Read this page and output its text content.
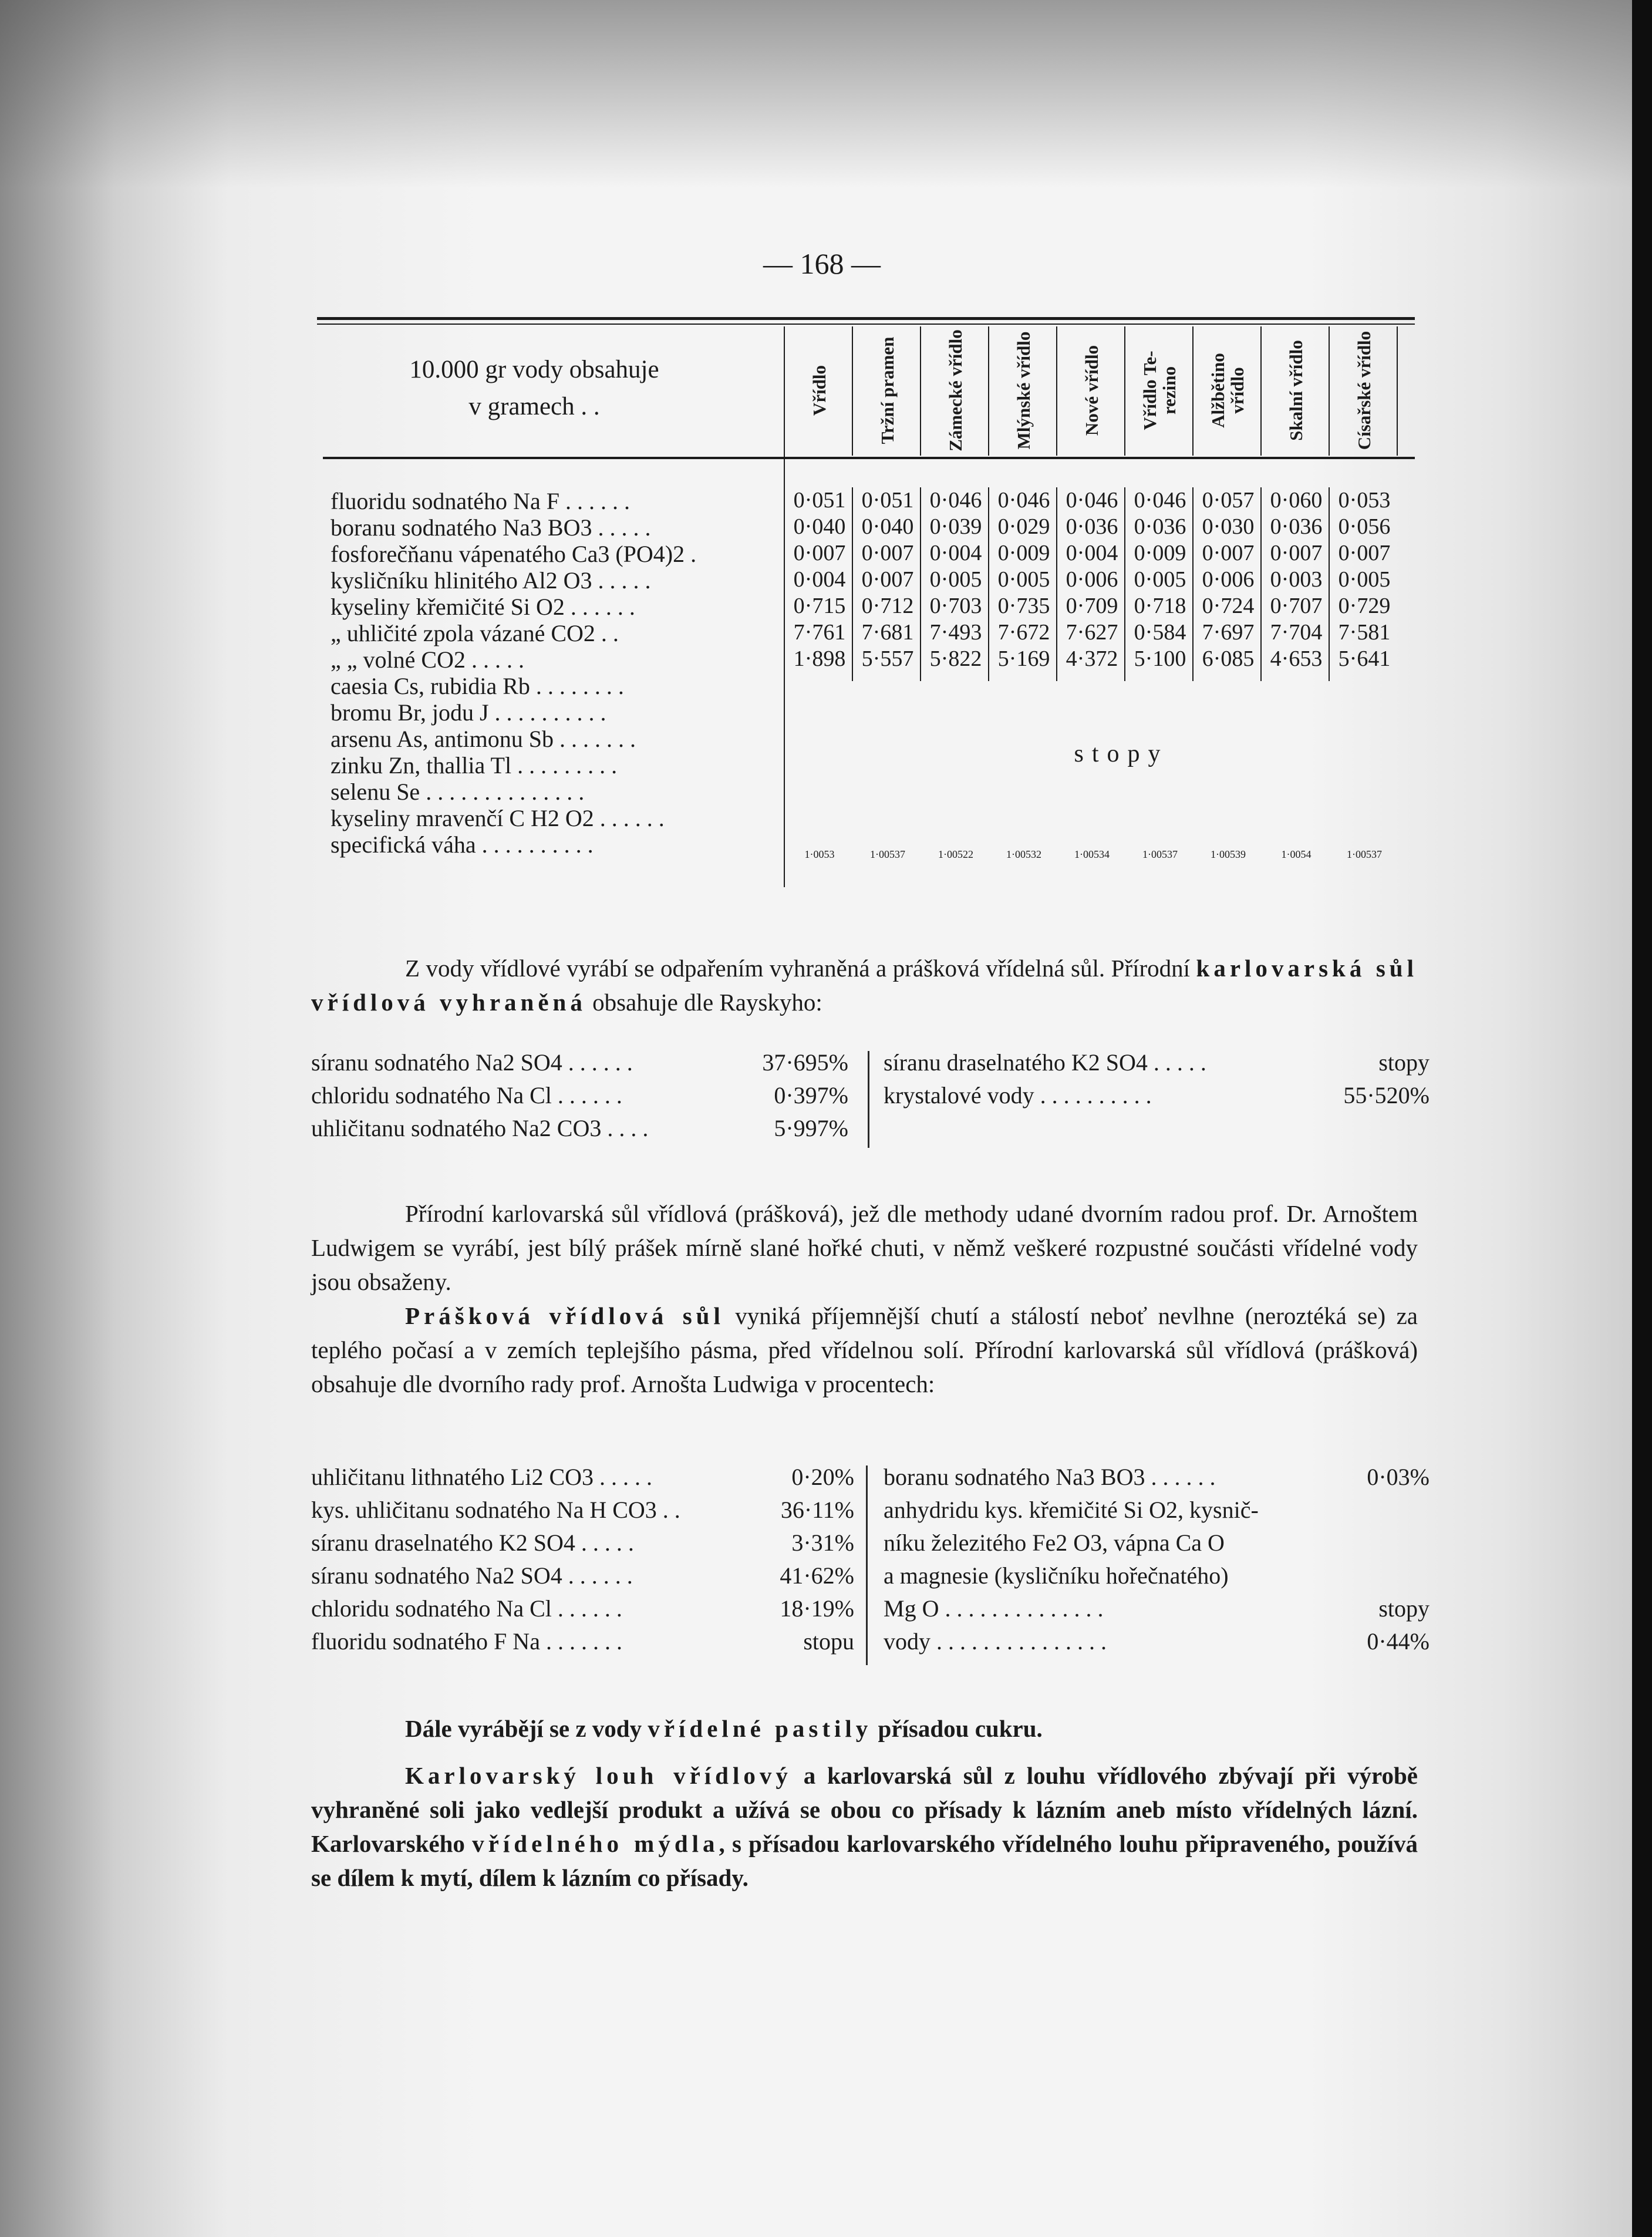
— 168 —
10.000 gr vody obsahuje
v gramech . .	Vřídlo	Tržní pramen	Zámecké vřídlo	Mlýnské vřídlo	Nové vřídlo	Vřídlo Te-rezino	Alžbětino vřídlo	Skalní vřídlo	Císařské vřídlo
fluoridu sodnatého Na F . . . . . .	0·051 0·051 0·046 0·046 0·046 0·046 0·057 0·060 0·053
boranu sodnatého Na3 BO3 . . . . .	0·040 0·040 0·039 0·029 0·036 0·036 0·030 0·036 0·056
fosforečňanu vápenatého Ca3 (PO4)2 .	0·007 0·007 0·004 0·009 0·004 0·009 0·007 0·007 0·007
kysličníku hlinitého Al2 O3 . . . . .	0·004 0·007 0·005 0·005 0·006 0·005 0·006 0·003 0·005
kyseliny křemičité Si O2 . . . . . .	0·715 0·712 0·703 0·735 0·709 0·718 0·724 0·707 0·729
„ uhličité zpola vázané CO2 . .	7·761 7·681 7·493 7·672 7·627 0·584 7·697 7·704 7·581
„ „ volné CO2 . . . . .	1·898 5·557 5·822 5·169 4·372 5·100 6·085 4·653 5·641
caesia Cs, rubidia Rb . . . . . . . .
bromu Br, jodu J . . . . . . . . . .
arsenu As, antimonu Sb . . . . . . .
zinku Zn, thallia Tl . . . . . . . . .
selenu Se . . . . . . . . . . . . . .
kyseliny mravenčí C H2 O2 . . . . . .
specifická váha . . . . . . . . . .	1·0053	1·00537	1·00522	1·00532	1·00534	1·00537	1·00539	1·0054	1·00537
stopy
Z vody vřídlové vyrábí se odpařením vyhraněná a prášková vřídelná sůl. Přírodní karlovarská sůl vřídlová vyhraněná obsahuje dle Rayskyho:
síranu sodnatého Na2 SO4 . . . . . .	37·695%
chloridu sodnatého Na Cl . . . . . .	0·397%
uhličitanu sodnatého Na2 CO3 . . . .	5·997%
síranu draselnatého K2 SO4 . . . . .	stopy
krystalové vody . . . . . . . . . .	55·520%
Přírodní karlovarská sůl vřídlová (prášková), jež dle methody udané dvorním radou prof. Dr. Arnoštem Ludwigem se vyrábí, jest bílý prášek mírně slané hořké chuti, v němž veškeré rozpustné součásti vřídelné vody jsou obsaženy.
Prášková vřídlová sůl vyniká příjemnější chutí a stálostí neboť nevlhne (neroztéká se) za teplého počasí a v zemích teplejšího pásma, před vřídelnou solí. Přírodní karlovarská sůl vřídlová (prášková) obsahuje dle dvorního rady prof. Arnošta Ludwiga v procentech:
uhličitanu lithnatého Li2 CO3 . . . . .	0·20%
kys. uhličitanu sodnatého Na H CO3 . .	36·11%
síranu draselnatého K2 SO4 . . . . .	3·31%
síranu sodnatého Na2 SO4 . . . . . .	41·62%
chloridu sodnatého Na Cl . . . . . .	18·19%
fluoridu sodnatého F Na . . . . . . .	stopu
boranu sodnatého Na3 BO3 . . . . . .	0·03%
anhydridu kys. křemičité Si O2, kysnič-
níku železitého Fe2 O3, vápna Ca O
a magnesie (kysličníku hořečnatého)
Mg O . . . . . . . . . . . . . .	stopy
vody . . . . . . . . . . . . . . .	0·44%
Dále vyrábějí se z vody vřídelné pastily přísadou cukru.
Karlovarský louh vřídlový a karlovarská sůl z louhu vřídlového zbývají při výrobě vyhraněné soli jako vedlejší produkt a užívá se obou co přísady k lázním aneb místo vřídelných lázní. Karlovarského vřídelného mýdla, s přísadou karlovarského vřídelného louhu připraveného, používá se dílem k mytí, dílem k lázním co přísady.
